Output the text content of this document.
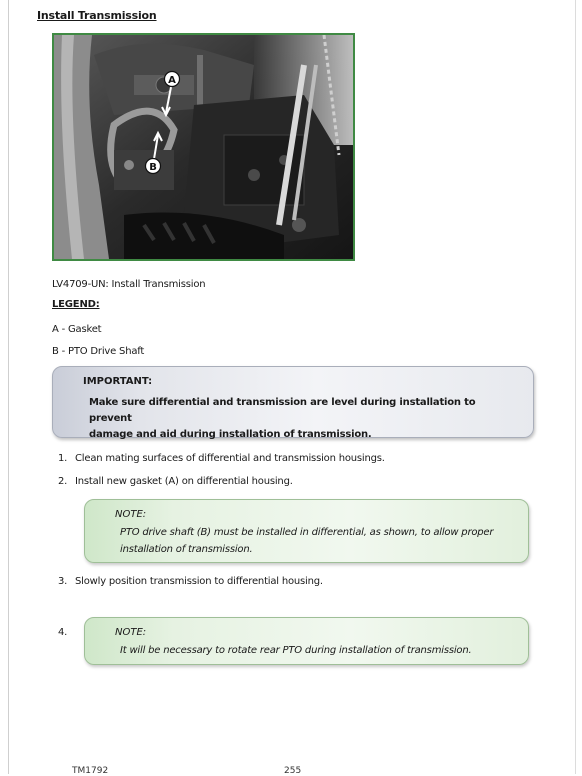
Install Transmission
A
B
LV4709-UN: Install Transmission
LEGEND:
A - Gasket
B - PTO Drive Shaft
IMPORTANT:
Make sure differential and transmission are level during installation to prevent
damage and aid during installation of transmission.
1. Clean mating surfaces of differential and transmission housings.
2. Install new gasket (A) on differential housing.
NOTE:
PTO drive shaft (B) must be installed in differential, as shown, to allow proper
installation of transmission.
3. Slowly position transmission to differential housing.
4.	NOTE:
It will be necessary to rotate rear PTO during installation of transmission.
TM1792	255
